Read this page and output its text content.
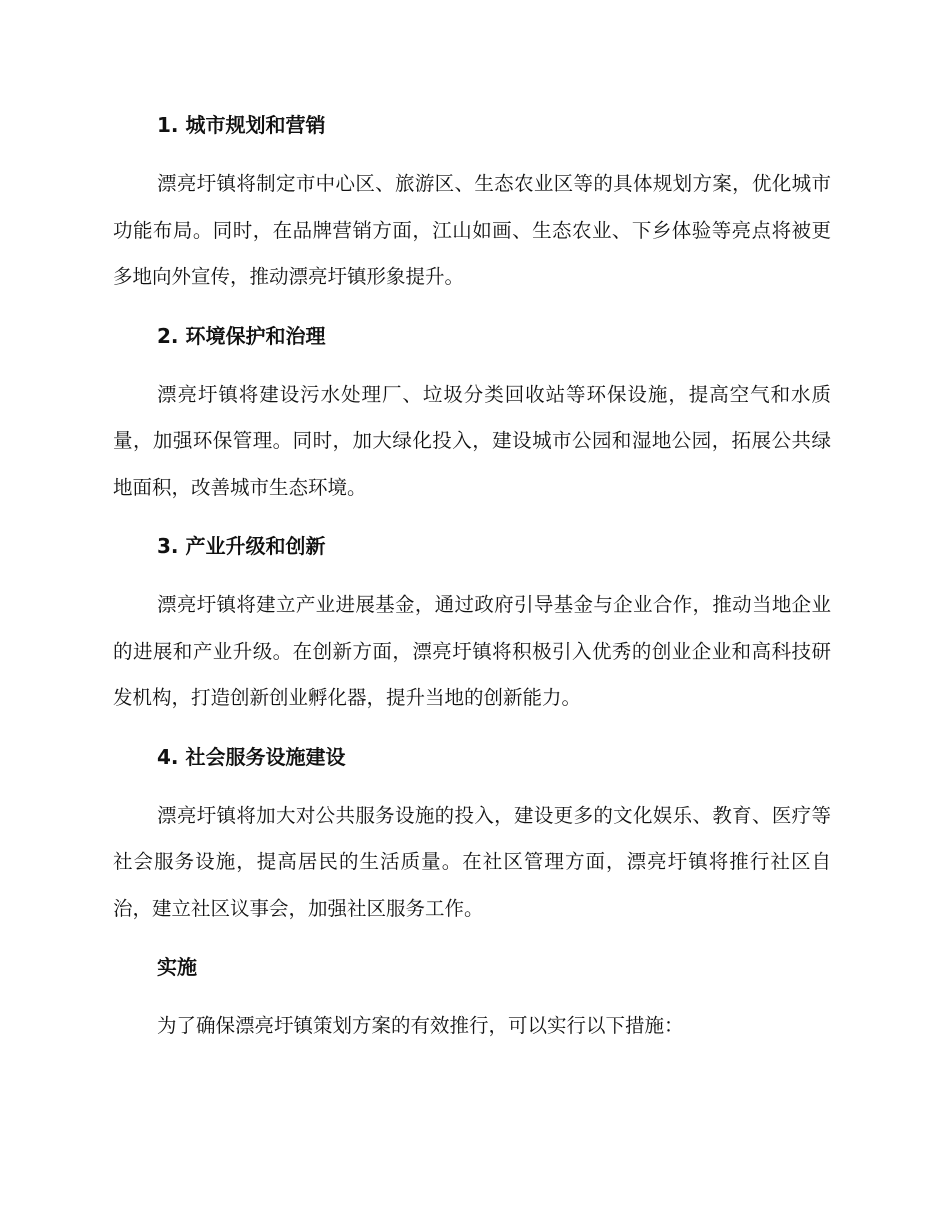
1. 城市规划和营销

漂亮圩镇将制定市中心区、旅游区、生态农业区等的具体规划方案，优化城市功能布局。同时，在品牌营销方面，江山如画、生态农业、下乡体验等亮点将被更多地向外宣传，推动漂亮圩镇形象提升。

2. 环境保护和治理

漂亮圩镇将建设污水处理厂、垃圾分类回收站等环保设施，提高空气和水质量，加强环保管理。同时，加大绿化投入，建设城市公园和湿地公园，拓展公共绿地面积，改善城市生态环境。

3. 产业升级和创新

漂亮圩镇将建立产业进展基金，通过政府引导基金与企业合作，推动当地企业的进展和产业升级。在创新方面，漂亮圩镇将积极引入优秀的创业企业和高科技研发机构，打造创新创业孵化器，提升当地的创新能力。

4. 社会服务设施建设

漂亮圩镇将加大对公共服务设施的投入，建设更多的文化娱乐、教育、医疗等社会服务设施，提高居民的生活质量。在社区管理方面，漂亮圩镇将推行社区自治，建立社区议事会，加强社区服务工作。

实施

为了确保漂亮圩镇策划方案的有效推行，可以实行以下措施：
